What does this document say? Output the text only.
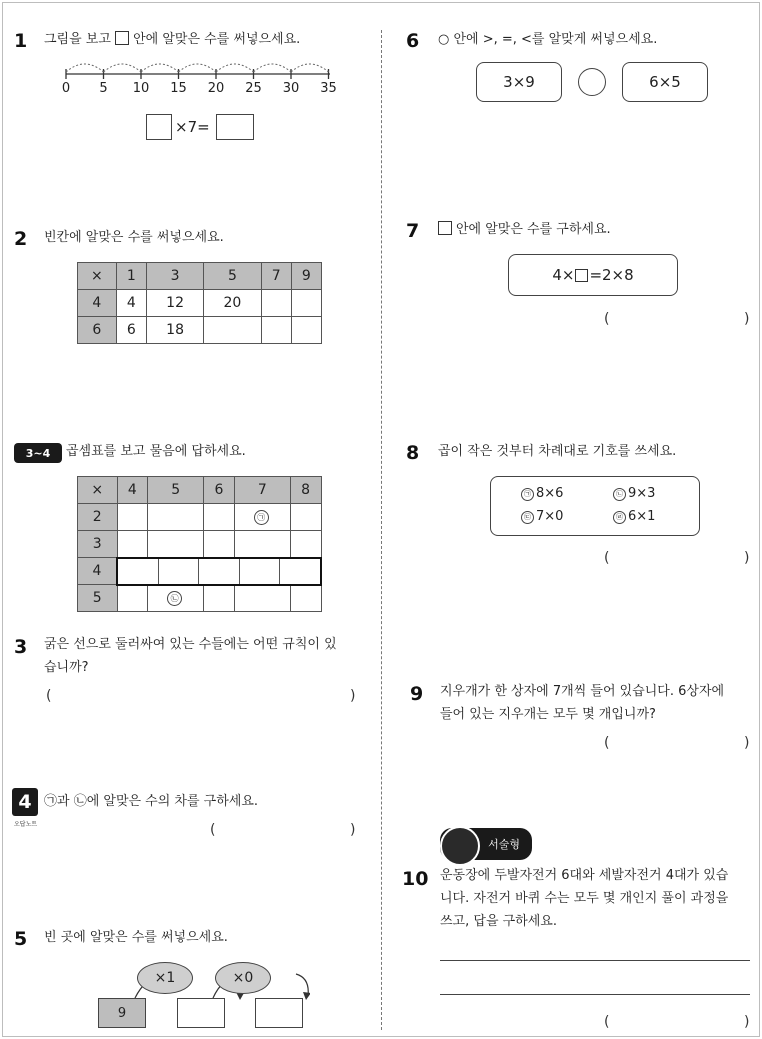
1 그림을 보고 안에 알맞은 수를 써넣으세요.
0	5	10	15	20	25	30	35
×7=
2 빈칸에 알맞은 수를 써넣으세요.
×	1	3	5	7	9
4	4	12	20		
6	6	18			
3~4	곱셈표를 보고 물음에 답하세요.
×	4	5	6	7	8
2				㉠	
3					
4					

5		㉡			
3 굵은 선으로 둘러싸여 있는 수들에는 어떤 규칙이 있
습니까?
(	)
4
오답노트
㉠과 ㉡에 알맞은 수의 차를 구하세요.
(	)
5 빈 곳에 알맞은 수를 써넣으세요.
×1	×0
9
6 ○ 안에 >, =, <를 알맞게 써넣으세요.
3×9	6×5
7	안에 알맞은 수를 구하세요.
4× =2×8
(	)
8 곱이 작은 것부터 차례대로 기호를 쓰세요.
㉠ 8×6	㉡ 9×3
㉢ 7×0	㉣ 6×1
(	)
9 지우개가 한 상자에 7개씩 들어 있습니다. 6상자에
들어 있는 지우개는 모두 몇 개입니까?
(	)
서술형
10 운동장에 두발자전거 6대와 세발자전거 4대가 있습
니다. 자전거 바퀴 수는 모두 몇 개인지 풀이 과정을
쓰고, 답을 구하세요.
(	)
